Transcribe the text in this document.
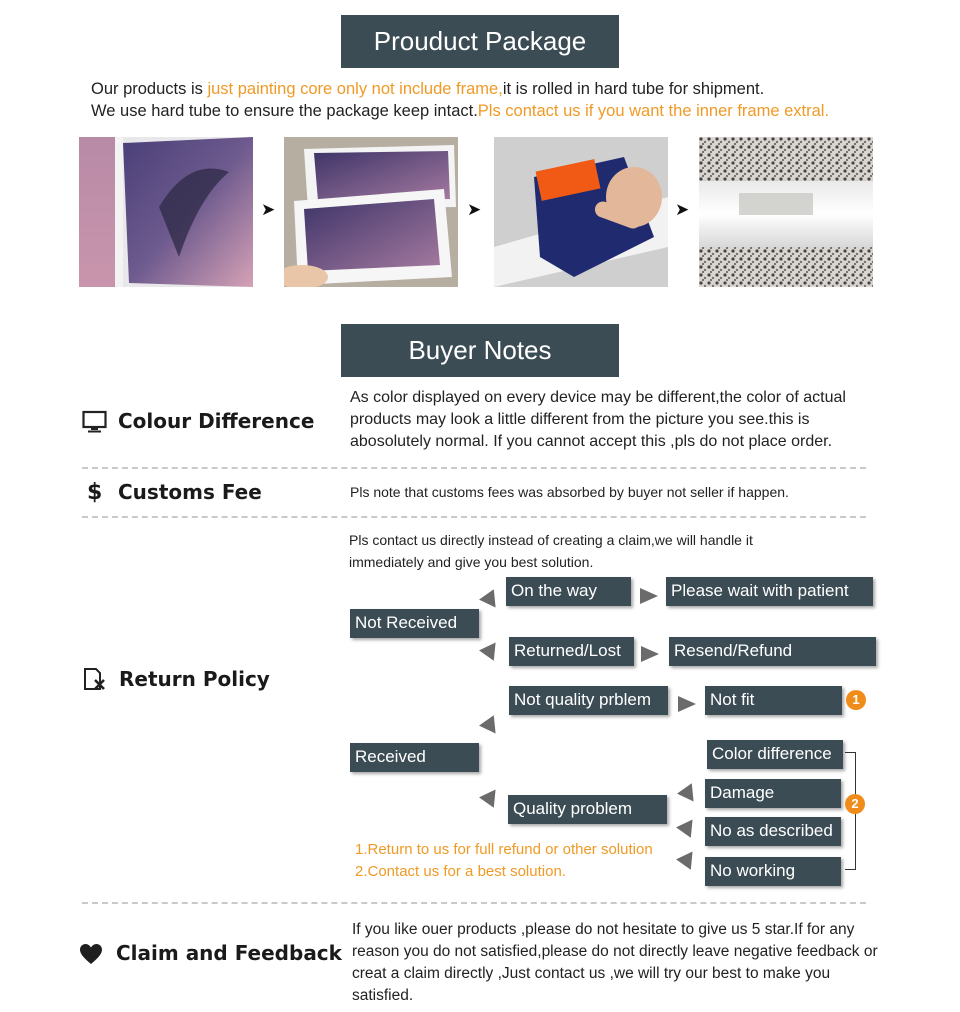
Prouduct Package
Our products is just painting core only not include frame,it is rolled in hard tube for shipment.
We use hard tube to ensure the package keep intact.Pls contact us if you want the inner frame extral.
➤	➤	➤
Buyer Notes
Colour Difference
As color displayed on every device may be different,the color of actual products may look a little different from the picture you see.this is abosolutely normal. If you cannot accept this ,pls do not place order.
$ Customs Fee	Pls note that customs fees was absorbed by buyer not seller if happen.
Return Policy
Pls contact us directly instead of creating a claim,we will handle it immediately and give you best solution.
Not Received
On the way	Please wait with patient
Returned/Lost	Resend/Refund
Not quality prblem	Not fit	1
Received
Quality problem
Color difference
Damage
No as described
No working
2
1.Return to us for full refund or other solution
2.Contact us for a best solution.
Claim and Feedback
If you like ouer products ,please do not hesitate to give us 5 star.If for any reason you do not satisfied,please do not directly leave negative feedback or creat a claim directly ,Just contact us ,we will try our best to make you satisfied.
